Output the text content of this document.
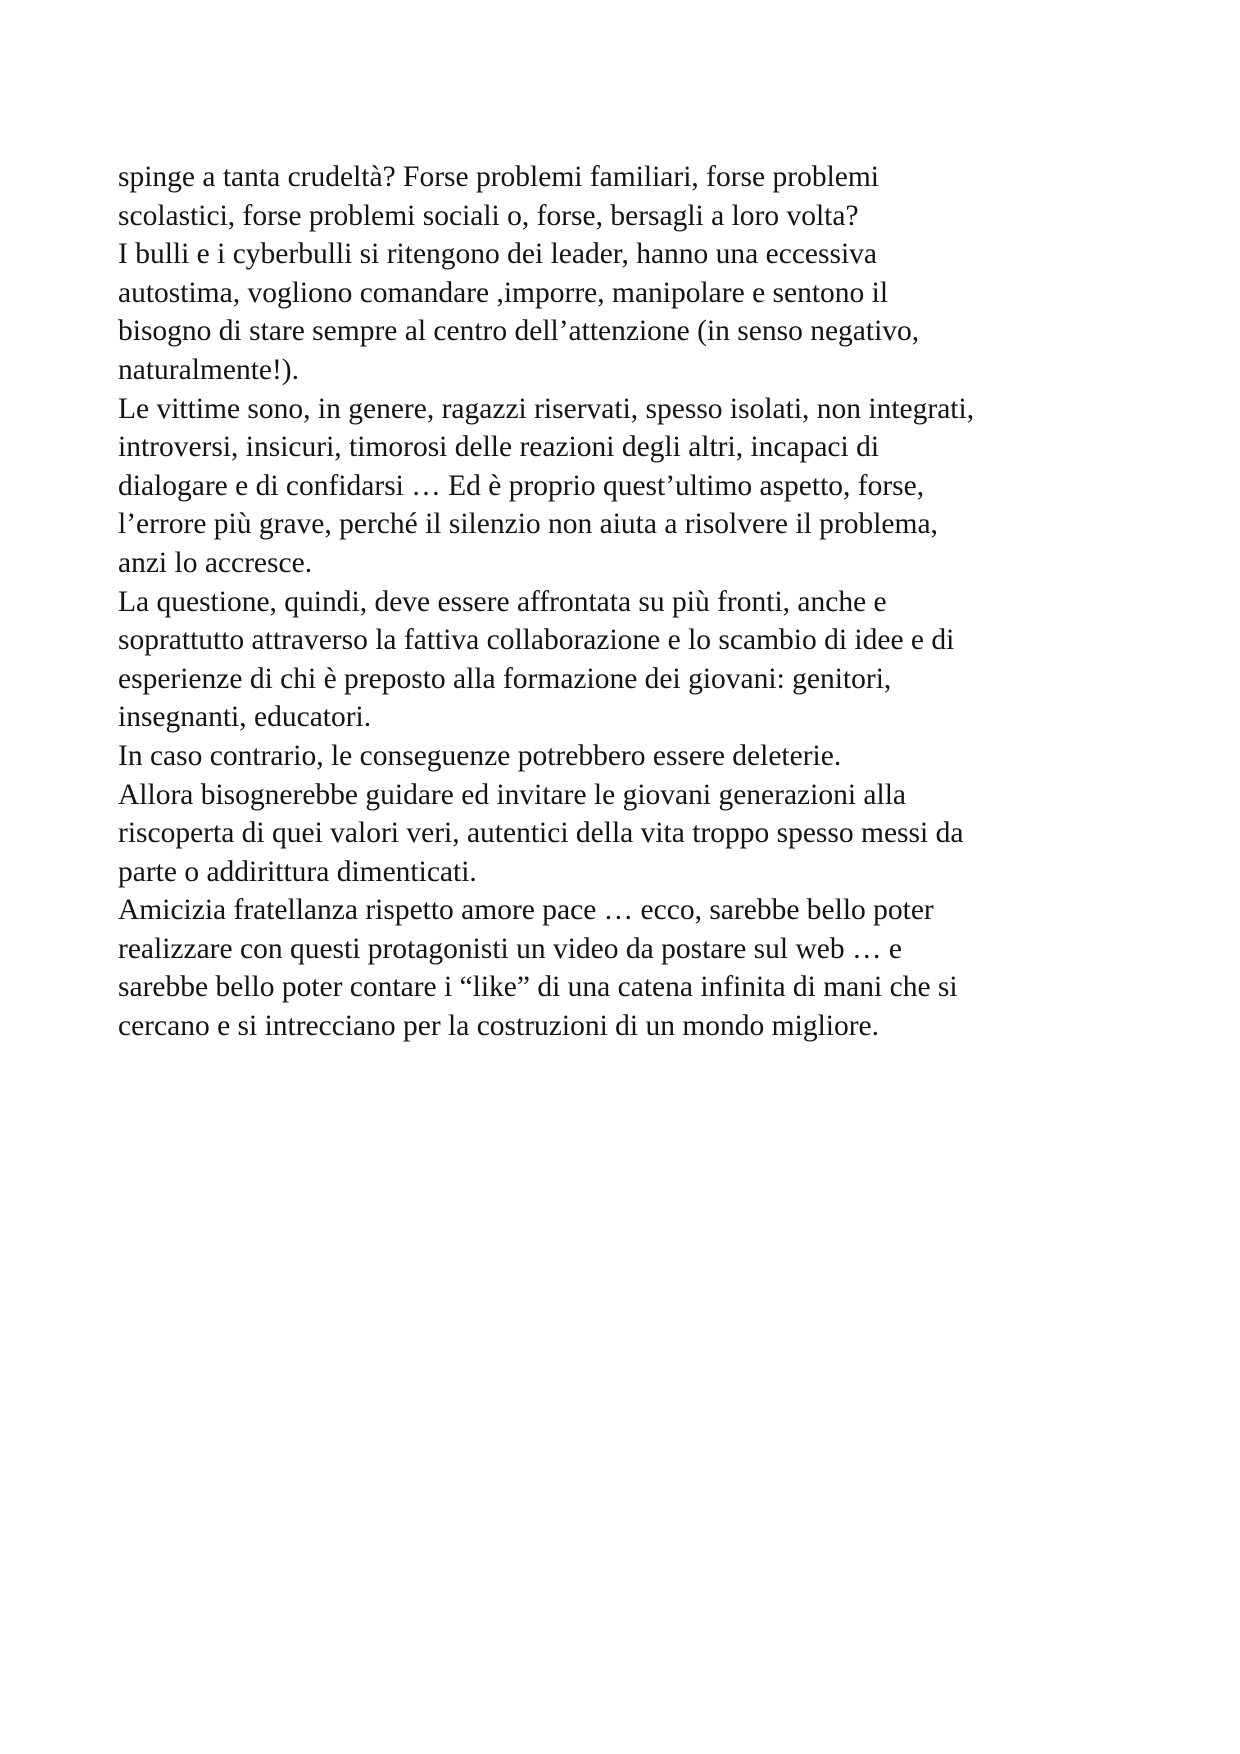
spinge a tanta crudeltà? Forse problemi familiari, forse problemi
scolastici, forse problemi sociali o, forse, bersagli a loro volta?
I bulli e i cyberbulli si ritengono dei leader, hanno una eccessiva
autostima, vogliono comandare ,imporre, manipolare e sentono il
bisogno di stare sempre al centro dell’attenzione (in senso negativo,
naturalmente!).
Le vittime sono, in genere, ragazzi riservati, spesso isolati, non integrati,
introversi, insicuri, timorosi delle reazioni degli altri, incapaci di
dialogare e di confidarsi … Ed è proprio quest’ultimo aspetto, forse,
l’errore più grave, perché il silenzio non aiuta a risolvere il problema,
anzi lo accresce.
La questione, quindi, deve essere affrontata su più fronti, anche e
soprattutto attraverso la fattiva collaborazione e lo scambio di idee e di
esperienze di chi è preposto alla formazione dei giovani: genitori,
insegnanti, educatori.
In caso contrario, le conseguenze potrebbero essere deleterie.
Allora bisognerebbe guidare ed invitare le giovani generazioni alla
riscoperta di quei valori veri, autentici della vita troppo spesso messi da
parte o addirittura dimenticati.
Amicizia fratellanza rispetto amore pace … ecco, sarebbe bello poter
realizzare con questi protagonisti un video da postare sul web … e
sarebbe bello poter contare i “like” di una catena infinita di mani che si
cercano e si intrecciano per la costruzioni di un mondo migliore.
